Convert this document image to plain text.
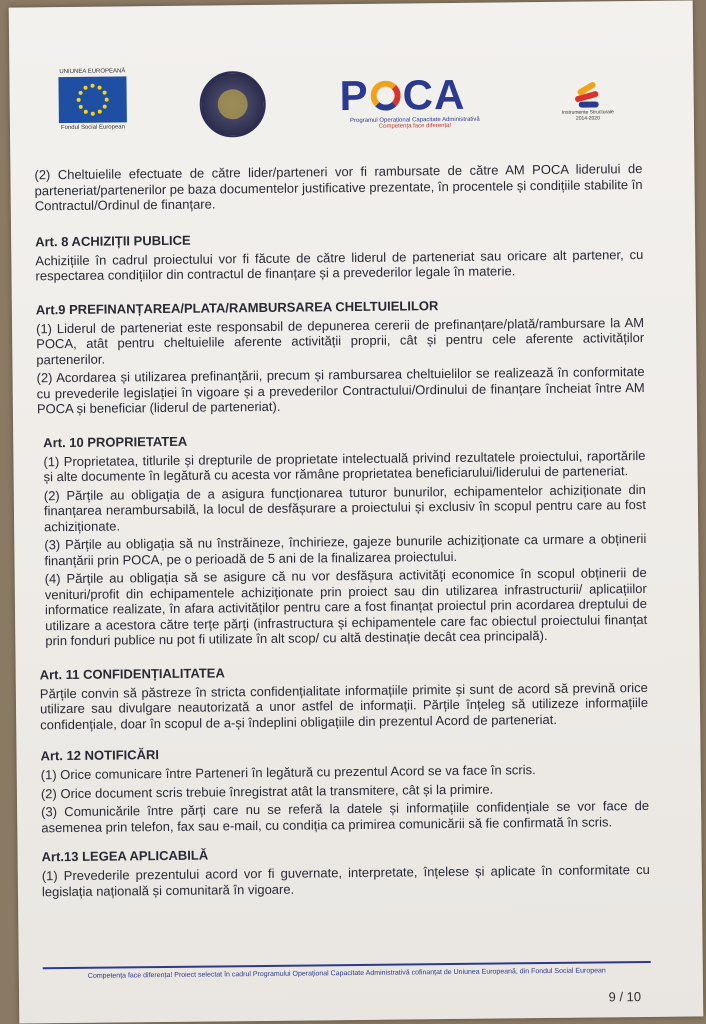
UNIUNEA EUROPEANĂ
Fondul Social European
P CA
Programul Operațional Capacitate Administrativă
Competența face diferența!
Instrumente Structurale
2014-2020
(2) Cheltuielile efectuate de către lider/parteneri vor fi rambursate de către AM POCA liderului de parteneriat/partenerilor pe baza documentelor justificative prezentate, în procentele și condițiile stabilite în Contractul/Ordinul de finanțare.
Art. 8 ACHIZIȚII PUBLICE
Achizițiile în cadrul proiectului vor fi făcute de către liderul de parteneriat sau oricare alt partener, cu respectarea condițiilor din contractul de finanțare și a prevederilor legale în materie.
Art.9 PREFINANȚAREA/PLATA/RAMBURSAREA CHELTUIELILOR
(1) Liderul de parteneriat este responsabil de depunerea cererii de prefinanțare/plată/rambursare la AM POCA, atât pentru cheltuielile aferente activității proprii, cât și pentru cele aferente activităților partenerilor.
(2) Acordarea și utilizarea prefinanțării, precum și rambursarea cheltuielilor se realizează în conformitate cu prevederile legislației în vigoare și a prevederilor Contractului/Ordinului de finanțare încheiat între AM POCA și beneficiar (liderul de parteneriat).
Art. 10 PROPRIETATEA
(1) Proprietatea, titlurile și drepturile de proprietate intelectuală privind rezultatele proiectului, raportările și alte documente în legătură cu acesta vor rămâne proprietatea beneficiarului/liderului de parteneriat.
(2) Părțile au obligația de a asigura funcționarea tuturor bunurilor, echipamentelor achiziționate din finanțarea nerambursabilă, la locul de desfășurare a proiectului și exclusiv în scopul pentru care au fost achiziționate.
(3) Părțile au obligația să nu înstrăineze, închirieze, gajeze bunurile achiziționate ca urmare a obținerii finanțării prin POCA, pe o perioadă de 5 ani de la finalizarea proiectului.
(4) Părțile au obligația să se asigure că nu vor desfășura activități economice în scopul obținerii de venituri/profit din echipamentele achiziționate prin proiect sau din utilizarea infrastructurii/ aplicațiilor informatice realizate, în afara activităților pentru care a fost finanțat proiectul prin acordarea dreptului de utilizare a acestora către terțe părți (infrastructura și echipamentele care fac obiectul proiectului finanțat prin fonduri publice nu pot fi utilizate în alt scop/ cu altă destinație decât cea principală).
Art. 11 CONFIDENȚIALITATEA
Părțile convin să păstreze în stricta confidențialitate informațiile primite și sunt de acord să prevină orice utilizare sau divulgare neautorizată a unor astfel de informații. Părțile înțeleg să utilizeze informațiile confidențiale, doar în scopul de a-și îndeplini obligațiile din prezentul Acord de parteneriat.
Art. 12 NOTIFICĂRI
(1) Orice comunicare între Parteneri în legătură cu prezentul Acord se va face în scris.
(2) Orice document scris trebuie înregistrat atât la transmitere, cât și la primire.
(3) Comunicările între părți care nu se referă la datele și informațiile confidențiale se vor face de asemenea prin telefon, fax sau e-mail, cu condiția ca primirea comunicării să fie confirmată în scris.
Art.13 LEGEA APLICABILĂ
(1) Prevederile prezentului acord vor fi guvernate, interpretate, înțelese și aplicate în conformitate cu legislația națională și comunitară în vigoare.
Competența face diferența! Proiect selectat în cadrul Programului Operațional Capacitate Administrativă cofinanțat de Uniunea Europeană, din Fondul Social European
9 / 10
